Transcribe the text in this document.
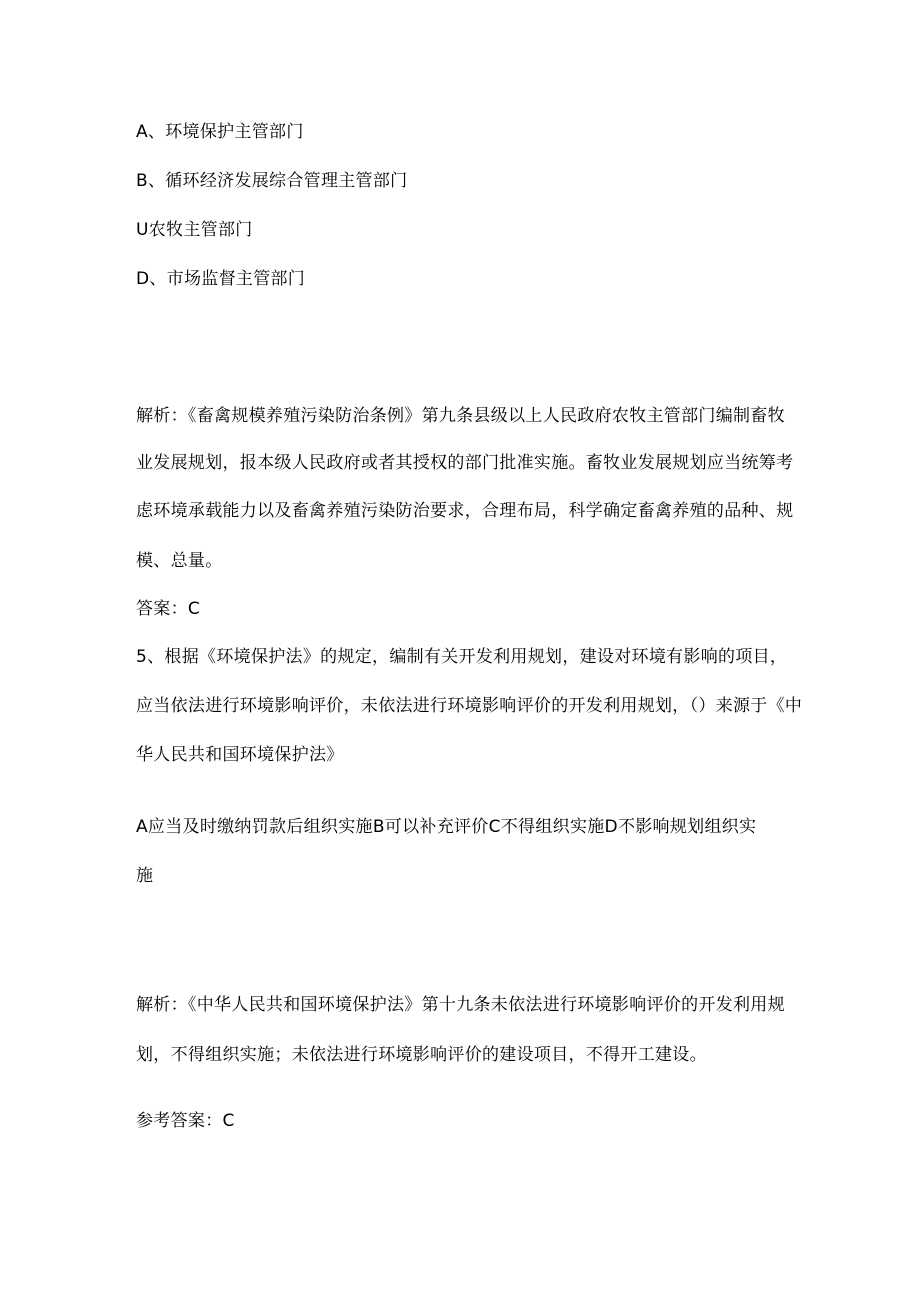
A、环境保护主管部门
B、循环经济发展综合管理主管部门
U农牧主管部门
D、市场监督主管部门
解析：《畜禽规模养殖污染防治条例》第九条县级以上人民政府农牧主管部门编制畜牧
业发展规划，报本级人民政府或者其授权的部门批准实施。畜牧业发展规划应当统筹考
虑环境承载能力以及畜禽养殖污染防治要求，合理布局，科学确定畜禽养殖的品种、规
模、总量。
答案：C
5、根据《环境保护法》的规定，编制有关开发利用规划，建设对环境有影响的项目，
应当依法进行环境影响评价，未依法进行环境影响评价的开发利用规划，（）来源于《中
华人民共和国环境保护法》
A应当及时缴纳罚款后组织实施B可以补充评价C不得组织实施D不影响规划组织实
施
解析：《中华人民共和国环境保护法》第十九条未依法进行环境影响评价的开发利用规
划，不得组织实施；未依法进行环境影响评价的建设项目，不得开工建设。
参考答案：C
